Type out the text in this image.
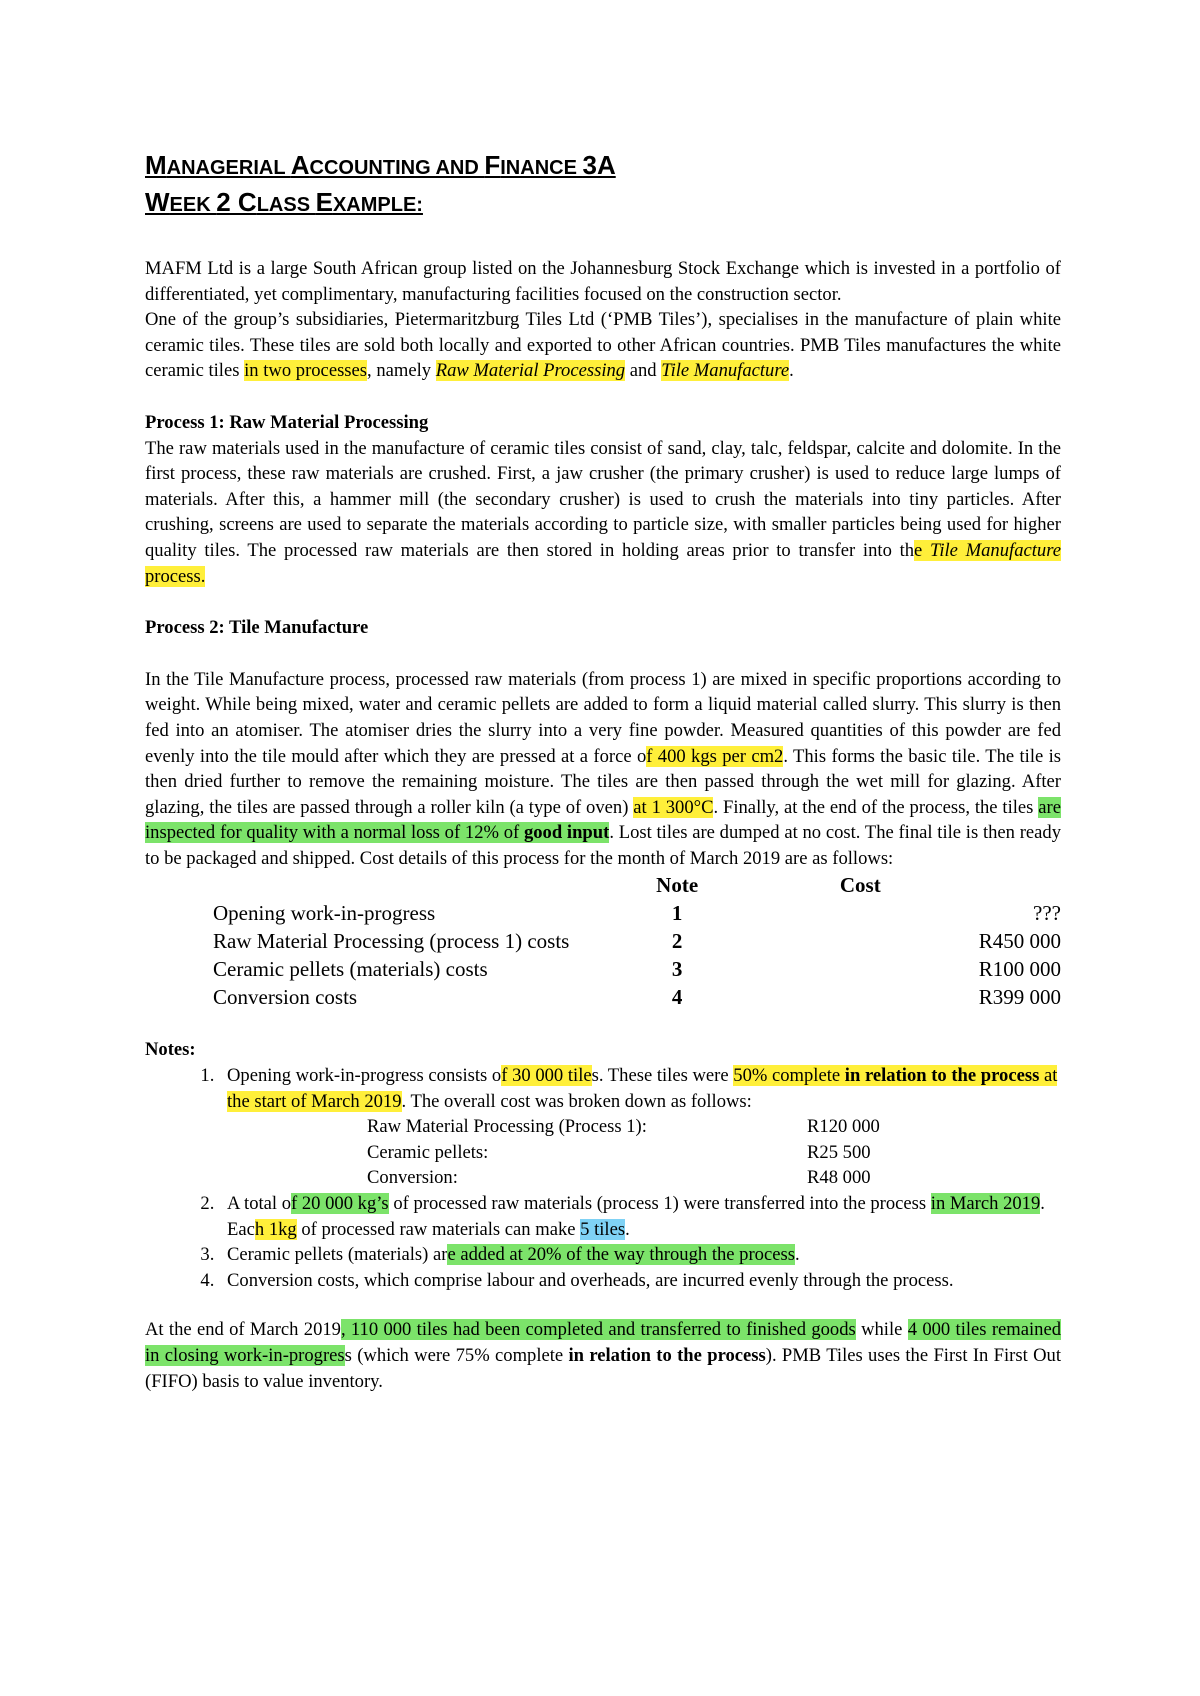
MANAGERIAL ACCOUNTING AND FINANCE 3A
WEEK 2 CLASS EXAMPLE:

MAFM Ltd is a large South African group listed on the Johannesburg Stock Exchange which is invested in a portfolio of differentiated, yet complimentary, manufacturing facilities focused on the construction sector.

One of the group’s subsidiaries, Pietermaritzburg Tiles Ltd (‘PMB Tiles’), specialises in the manufacture of plain white ceramic tiles. These tiles are sold both locally and exported to other African countries. PMB Tiles manufactures the white ceramic tiles in two processes, namely Raw Material Processing and Tile Manufacture.

Process 1: Raw Material Processing

The raw materials used in the manufacture of ceramic tiles consist of sand, clay, talc, feldspar, calcite and dolomite. In the first process, these raw materials are crushed. First, a jaw crusher (the primary crusher) is used to reduce large lumps of materials. After this, a hammer mill (the secondary crusher) is used to crush the materials into tiny particles. After crushing, screens are used to separate the materials according to particle size, with smaller particles being used for higher quality tiles. The processed raw materials are then stored in holding areas prior to transfer into the Tile Manufacture process.

Process 2: Tile Manufacture

In the Tile Manufacture process, processed raw materials (from process 1) are mixed in specific proportions according to weight. While being mixed, water and ceramic pellets are added to form a liquid material called slurry. This slurry is then fed into an atomiser. The atomiser dries the slurry into a very fine powder. Measured quantities of this powder are fed evenly into the tile mould after which they are pressed at a force of 400 kgs per cm2. This forms the basic tile. The tile is then dried further to remove the remaining moisture. The tiles are then passed through the wet mill for glazing. After glazing, the tiles are passed through a roller kiln (a type of oven) at 1 300°C. Finally, at the end of the process, the tiles are inspected for quality with a normal loss of 12% of good input. Lost tiles are dumped at no cost. The final tile is then ready to be packaged and shipped. Cost details of this process for the month of March 2019 are as follows:

	Note	Cost
Opening work-in-progress	1	???
Raw Material Processing (process 1) costs	2	R450 000
Ceramic pellets (materials) costs	3	R100 000
Conversion costs	4	R399 000

Notes:

1. Opening work-in-progress consists of 30 000 tiles. These tiles were 50% complete in relation to the process at the start of March 2019. The overall cost was broken down as follows:
Raw Material Processing (Process 1):	R120 000
Ceramic pellets:	R25 500
Conversion:	R48 000
2. A total of 20 000 kg’s of processed raw materials (process 1) were transferred into the process in March 2019. Each 1kg of processed raw materials can make 5 tiles.
3. Ceramic pellets (materials) are added at 20% of the way through the process.
4. Conversion costs, which comprise labour and overheads, are incurred evenly through the process.

At the end of March 2019, 110 000 tiles had been completed and transferred to finished goods while 4 000 tiles remained in closing work-in-progress (which were 75% complete in relation to the process). PMB Tiles uses the First In First Out (FIFO) basis to value inventory.
